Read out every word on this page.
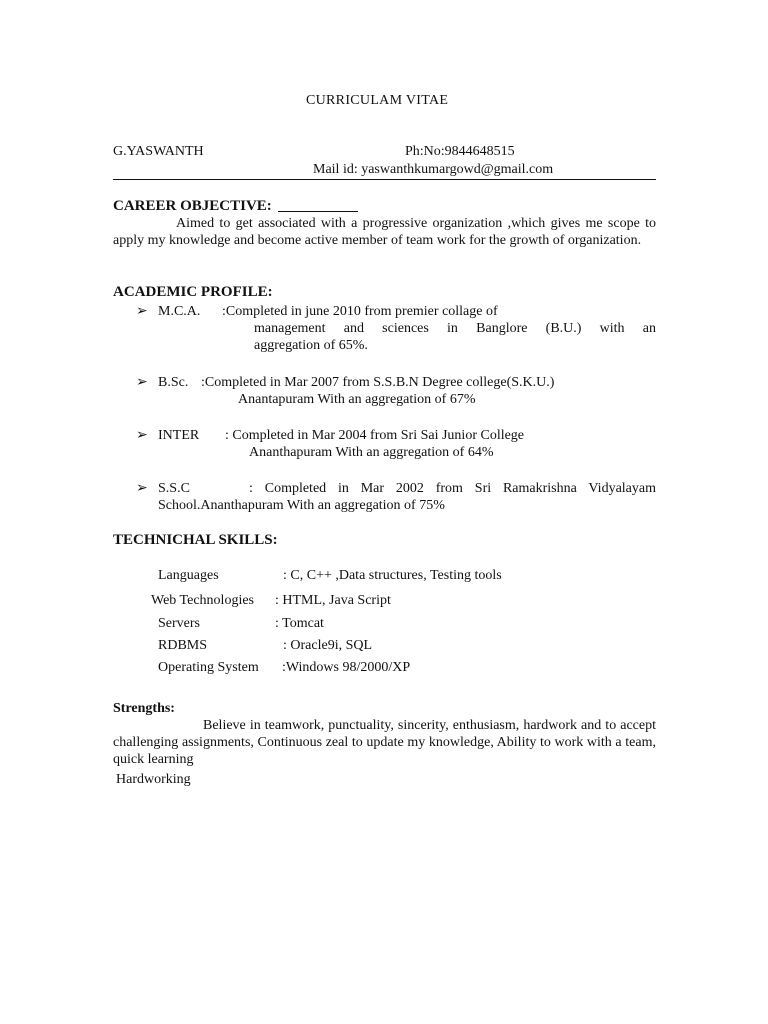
CURRICULAM VITAE
G.YASWANTH	Ph:No:9844648515
Mail id: yaswanthkumargowd@gmail.com
CAREER OBJECTIVE:
Aimed to get associated with a progressive organization ,which gives me scope to apply my knowledge and become active member of team work for the growth of organization.
ACADEMIC PROFILE:
➢ M.C.A. :Completed in june 2010 from premier collage of
management and sciences in Banglore (B.U.) with an
aggregation of 65%.
➢ B.Sc. :Completed in Mar 2007 from S.S.B.N Degree college(S.K.U.)
Anantapuram With an aggregation of 67%
➢ INTER : Completed in Mar 2004 from Sri Sai Junior College
Ananthapuram With an aggregation of 64%
➢ S.S.C	: Completed in Mar 2002 from Sri Ramakrishna Vidyalayam
School.Ananthapuram With an aggregation of 75%
TECHNICHAL SKILLS:
Languages	: C, C++ ,Data structures, Testing tools
Web Technologies : HTML, Java Script
Servers	: Tomcat
RDBMS	: Oracle9i, SQL
Operating System :Windows 98/2000/XP
Strengths:
Believe in teamwork, punctuality, sincerity, enthusiasm, hardwork and to accept challenging assignments, Continuous zeal to update my knowledge, Ability to work with a team, quick learning
Hardworking
